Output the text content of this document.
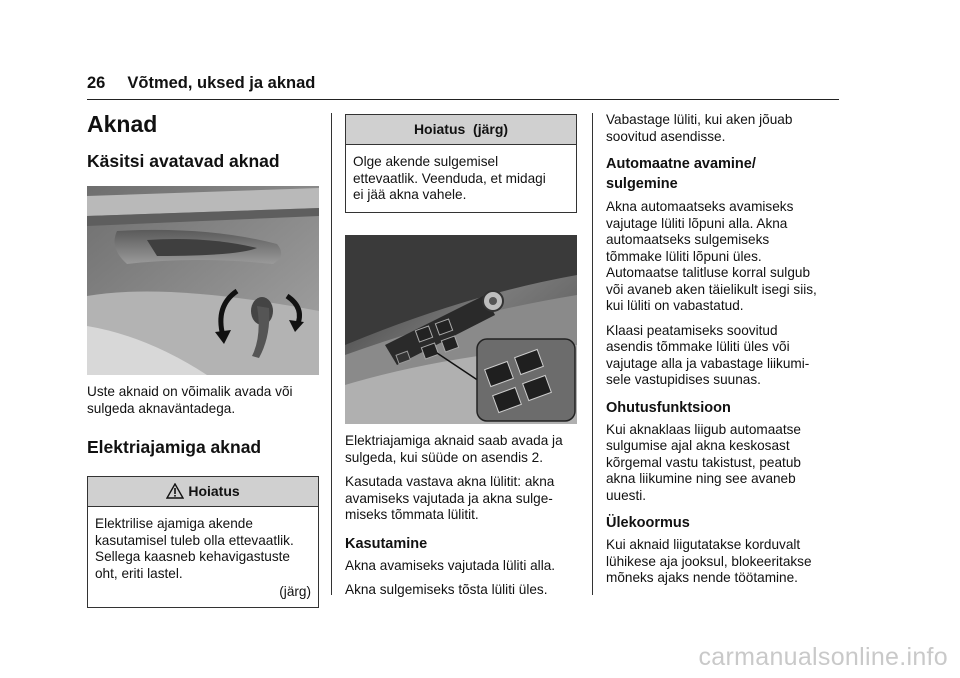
26 Võtmed, uksed ja aknad
Aknad
Käsitsi avatavad aknad
Uste aknaid on võimalik avada või sulgeda aknaväntadega.
Elektriajamiga aknad
Hoiatus
Elektrilise ajamiga akende
kasutamisel tuleb olla ettevaatlik.
Sellega kaasneb kehavigastuste
oht, eriti lastel.
(järg)
Hoiatus  (järg)
Olge akende sulgemisel
ettevaatlik. Veenduda, et midagi
ei jää akna vahele.
Elektriajamiga aknaid saab avada ja
sulgeda, kui süüde on asendis 2.
Kasutada vastava akna lülitit: akna
avamiseks vajutada ja akna sulge-
miseks tõmmata lülitit.
Kasutamine
Akna avamiseks vajutada lüliti alla.
Akna sulgemiseks tõsta lüliti üles.
Vabastage lüliti, kui aken jõuab
soovitud asendisse.
Automaatne avamine/
sulgemine
Akna automaatseks avamiseks
vajutage lüliti lõpuni alla. Akna
automaatseks sulgemiseks
tõmmake lüliti lõpuni üles.
Automaatse talitluse korral sulgub
või avaneb aken täielikult isegi siis,
kui lüliti on vabastatud.
Klaasi peatamiseks soovitud
asendis tõmmake lüliti üles või
vajutage alla ja vabastage liikumi-
sele vastupidises suunas.
Ohutusfunktsioon
Kui aknaklaas liigub automaatse
sulgumise ajal akna keskosast
kõrgemal vastu takistust, peatub
akna liikumine ning see avaneb
uuesti.
Ülekoormus
Kui aknaid liigutatakse korduvalt
lühikese aja jooksul, blokeeritakse
mõneks ajaks nende töötamine.
carmanualsonline.info
